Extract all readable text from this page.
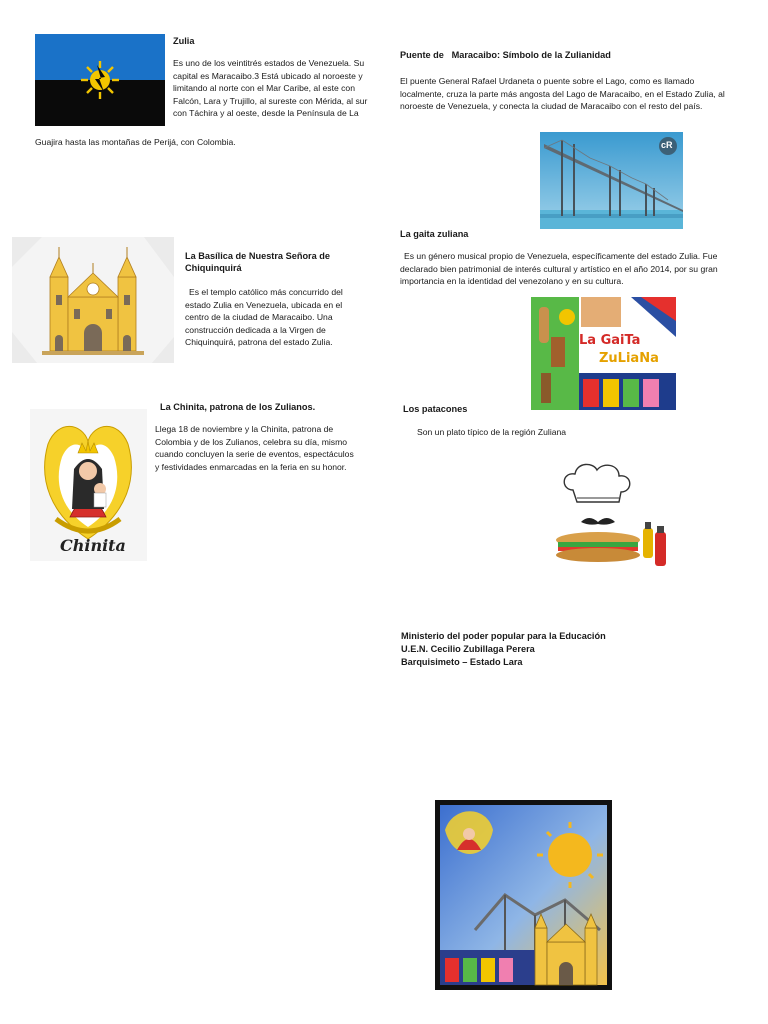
Zulia
Es uno de los veintitrés estados de Venezuela. Su capital es Maracaibo.3 Está ubicado al noroeste y limitando al norte con el Mar Caribe, al este con Falcón, Lara y Trujillo, al sureste con Mérida, al sur con Táchira y al oeste, desde la Península de La
Guajira hasta las montañas de Perijá, con Colombia.
La Basílica de Nuestra Señora de Chiquinquirá
Es el templo católico más concurrido del estado Zulia en Venezuela, ubicada en el centro de la ciudad de Maracaibo. Una construcción dedicada a la Virgen de Chiquinquirá, patrona del estado Zulia.
La Chinita, patrona de los Zulianos.
Llega 18 de noviembre y la Chinita, patrona de Colombia y de los Zulianos, celebra su día, mismo cuando concluyen la serie de eventos, espectáculos y festividades enmarcadas en la feria en su honor.
Chinita
Puente de   Maracaibo: Símbolo de la Zulianidad
El puente General Rafael Urdaneta o puente sobre el Lago, como es llamado localmente, cruza la parte más angosta del Lago de Maracaibo, en el Estado Zulia, al noroeste de Venezuela, y conecta la ciudad de Maracaibo con el resto del país.
cR
La gaita zuliana
Es un género musical propio de Venezuela, específicamente del estado Zulia. Fue declarado bien patrimonial de interés cultural y artístico en el año 2014, por su gran importancia en la identidad del venezolano y en su cultura.
La GaiTa
ZuLiaNa
Los patacones
Son un plato típico de la región Zuliana
Ministerio del poder popular para la Educación
U.E.N. Cecilio Zubillaga Perera
Barquisimeto – Estado Lara
